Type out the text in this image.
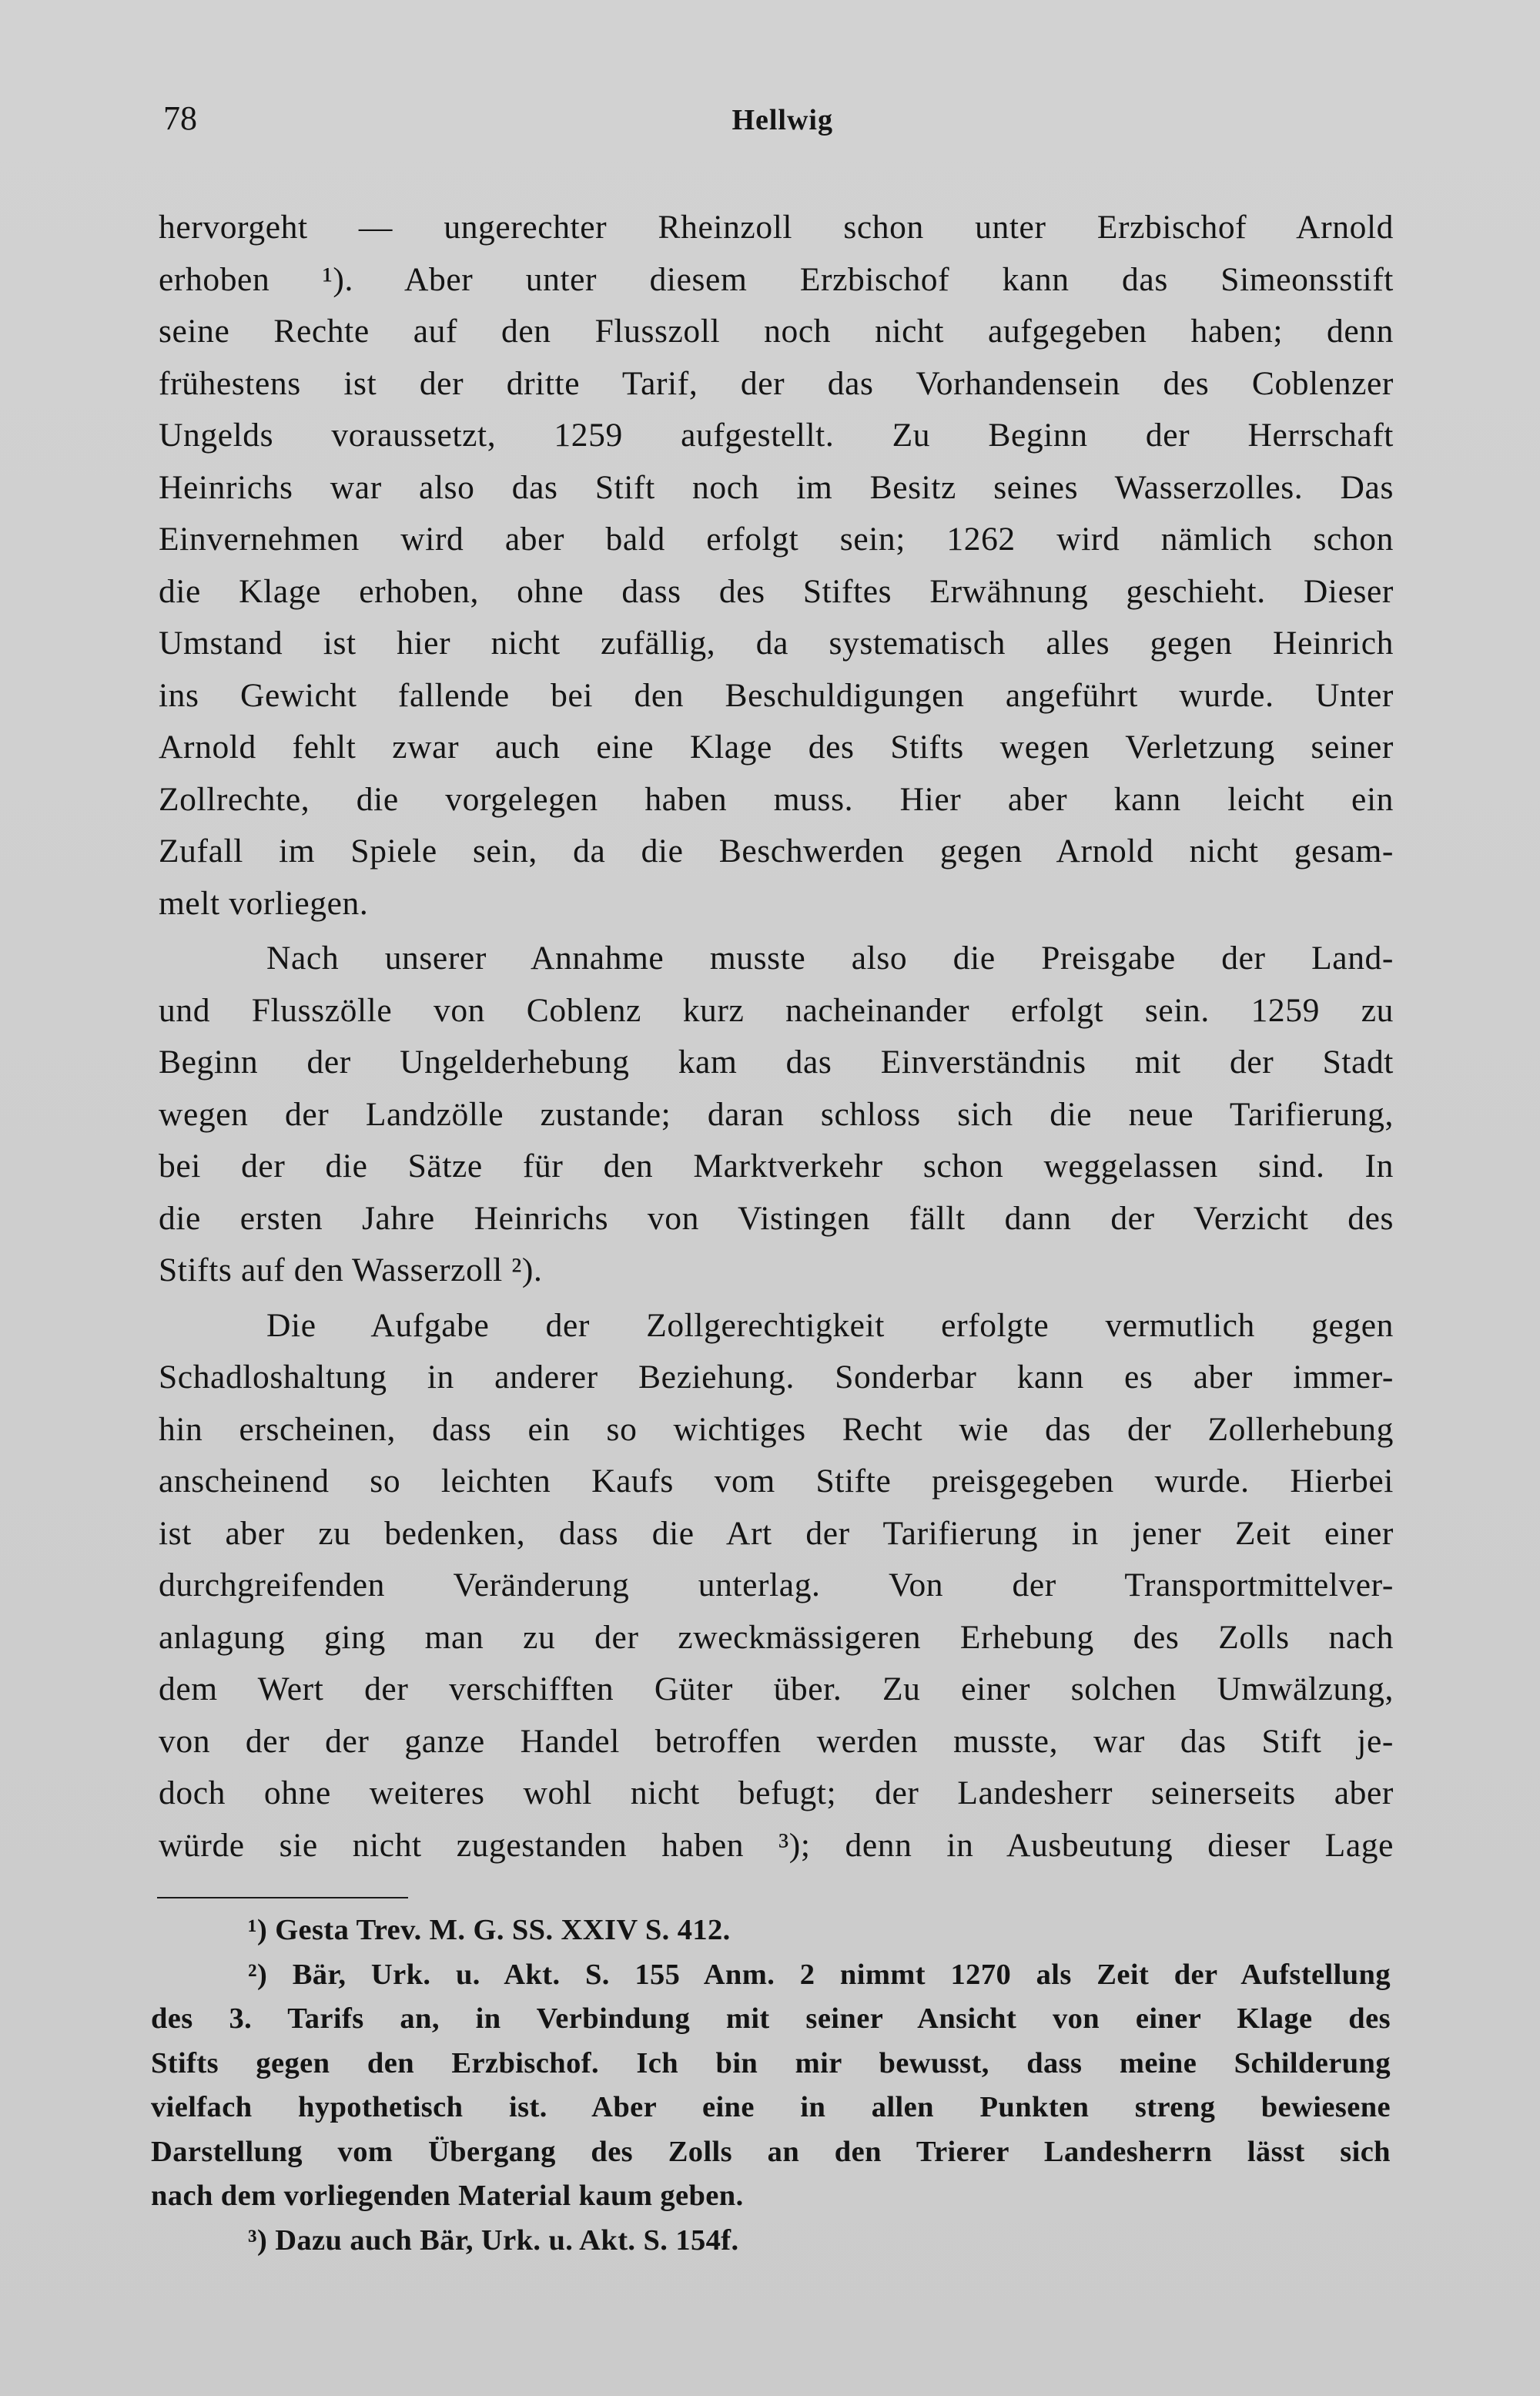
78	Hellwig
hervorgeht — ungerechter Rheinzoll schon unter Erzbischof Arnold
erhoben ¹). Aber unter diesem Erzbischof kann das Simeonsstift
seine Rechte auf den Flusszoll noch nicht aufgegeben haben; denn
frühestens ist der dritte Tarif, der das Vorhandensein des Coblenzer
Ungelds voraussetzt, 1259 aufgestellt. Zu Beginn der Herrschaft
Heinrichs war also das Stift noch im Besitz seines Wasserzolles. Das
Einvernehmen wird aber bald erfolgt sein; 1262 wird nämlich schon
die Klage erhoben, ohne dass des Stiftes Erwähnung geschieht. Dieser
Umstand ist hier nicht zufällig, da systematisch alles gegen Heinrich
ins Gewicht fallende bei den Beschuldigungen angeführt wurde. Unter
Arnold fehlt zwar auch eine Klage des Stifts wegen Verletzung seiner
Zollrechte, die vorgelegen haben muss. Hier aber kann leicht ein
Zufall im Spiele sein, da die Beschwerden gegen Arnold nicht gesam-
melt vorliegen.
Nach unserer Annahme musste also die Preisgabe der Land-
und Flusszölle von Coblenz kurz nacheinander erfolgt sein. 1259 zu
Beginn der Ungelderhebung kam das Einverständnis mit der Stadt
wegen der Landzölle zustande; daran schloss sich die neue Tarifierung,
bei der die Sätze für den Marktverkehr schon weggelassen sind. In
die ersten Jahre Heinrichs von Vistingen fällt dann der Verzicht des
Stifts auf den Wasserzoll ²).
Die Aufgabe der Zollgerechtigkeit erfolgte vermutlich gegen
Schadloshaltung in anderer Beziehung. Sonderbar kann es aber immer-
hin erscheinen, dass ein so wichtiges Recht wie das der Zollerhebung
anscheinend so leichten Kaufs vom Stifte preisgegeben wurde. Hierbei
ist aber zu bedenken, dass die Art der Tarifierung in jener Zeit einer
durchgreifenden Veränderung unterlag. Von der Transportmittelver-
anlagung ging man zu der zweckmässigeren Erhebung des Zolls nach
dem Wert der verschifften Güter über. Zu einer solchen Umwälzung,
von der der ganze Handel betroffen werden musste, war das Stift je-
doch ohne weiteres wohl nicht befugt; der Landesherr seinerseits aber
würde sie nicht zugestanden haben ³); denn in Ausbeutung dieser Lage
¹) Gesta Trev. M. G. SS. XXIV S. 412.
²) Bär, Urk. u. Akt. S. 155 Anm. 2 nimmt 1270 als Zeit der Aufstellung
des 3. Tarifs an, in Verbindung mit seiner Ansicht von einer Klage des
Stifts gegen den Erzbischof. Ich bin mir bewusst, dass meine Schilderung
vielfach hypothetisch ist. Aber eine in allen Punkten streng bewiesene
Darstellung vom Übergang des Zolls an den Trierer Landesherrn lässt sich
nach dem vorliegenden Material kaum geben.
³) Dazu auch Bär, Urk. u. Akt. S. 154f.
